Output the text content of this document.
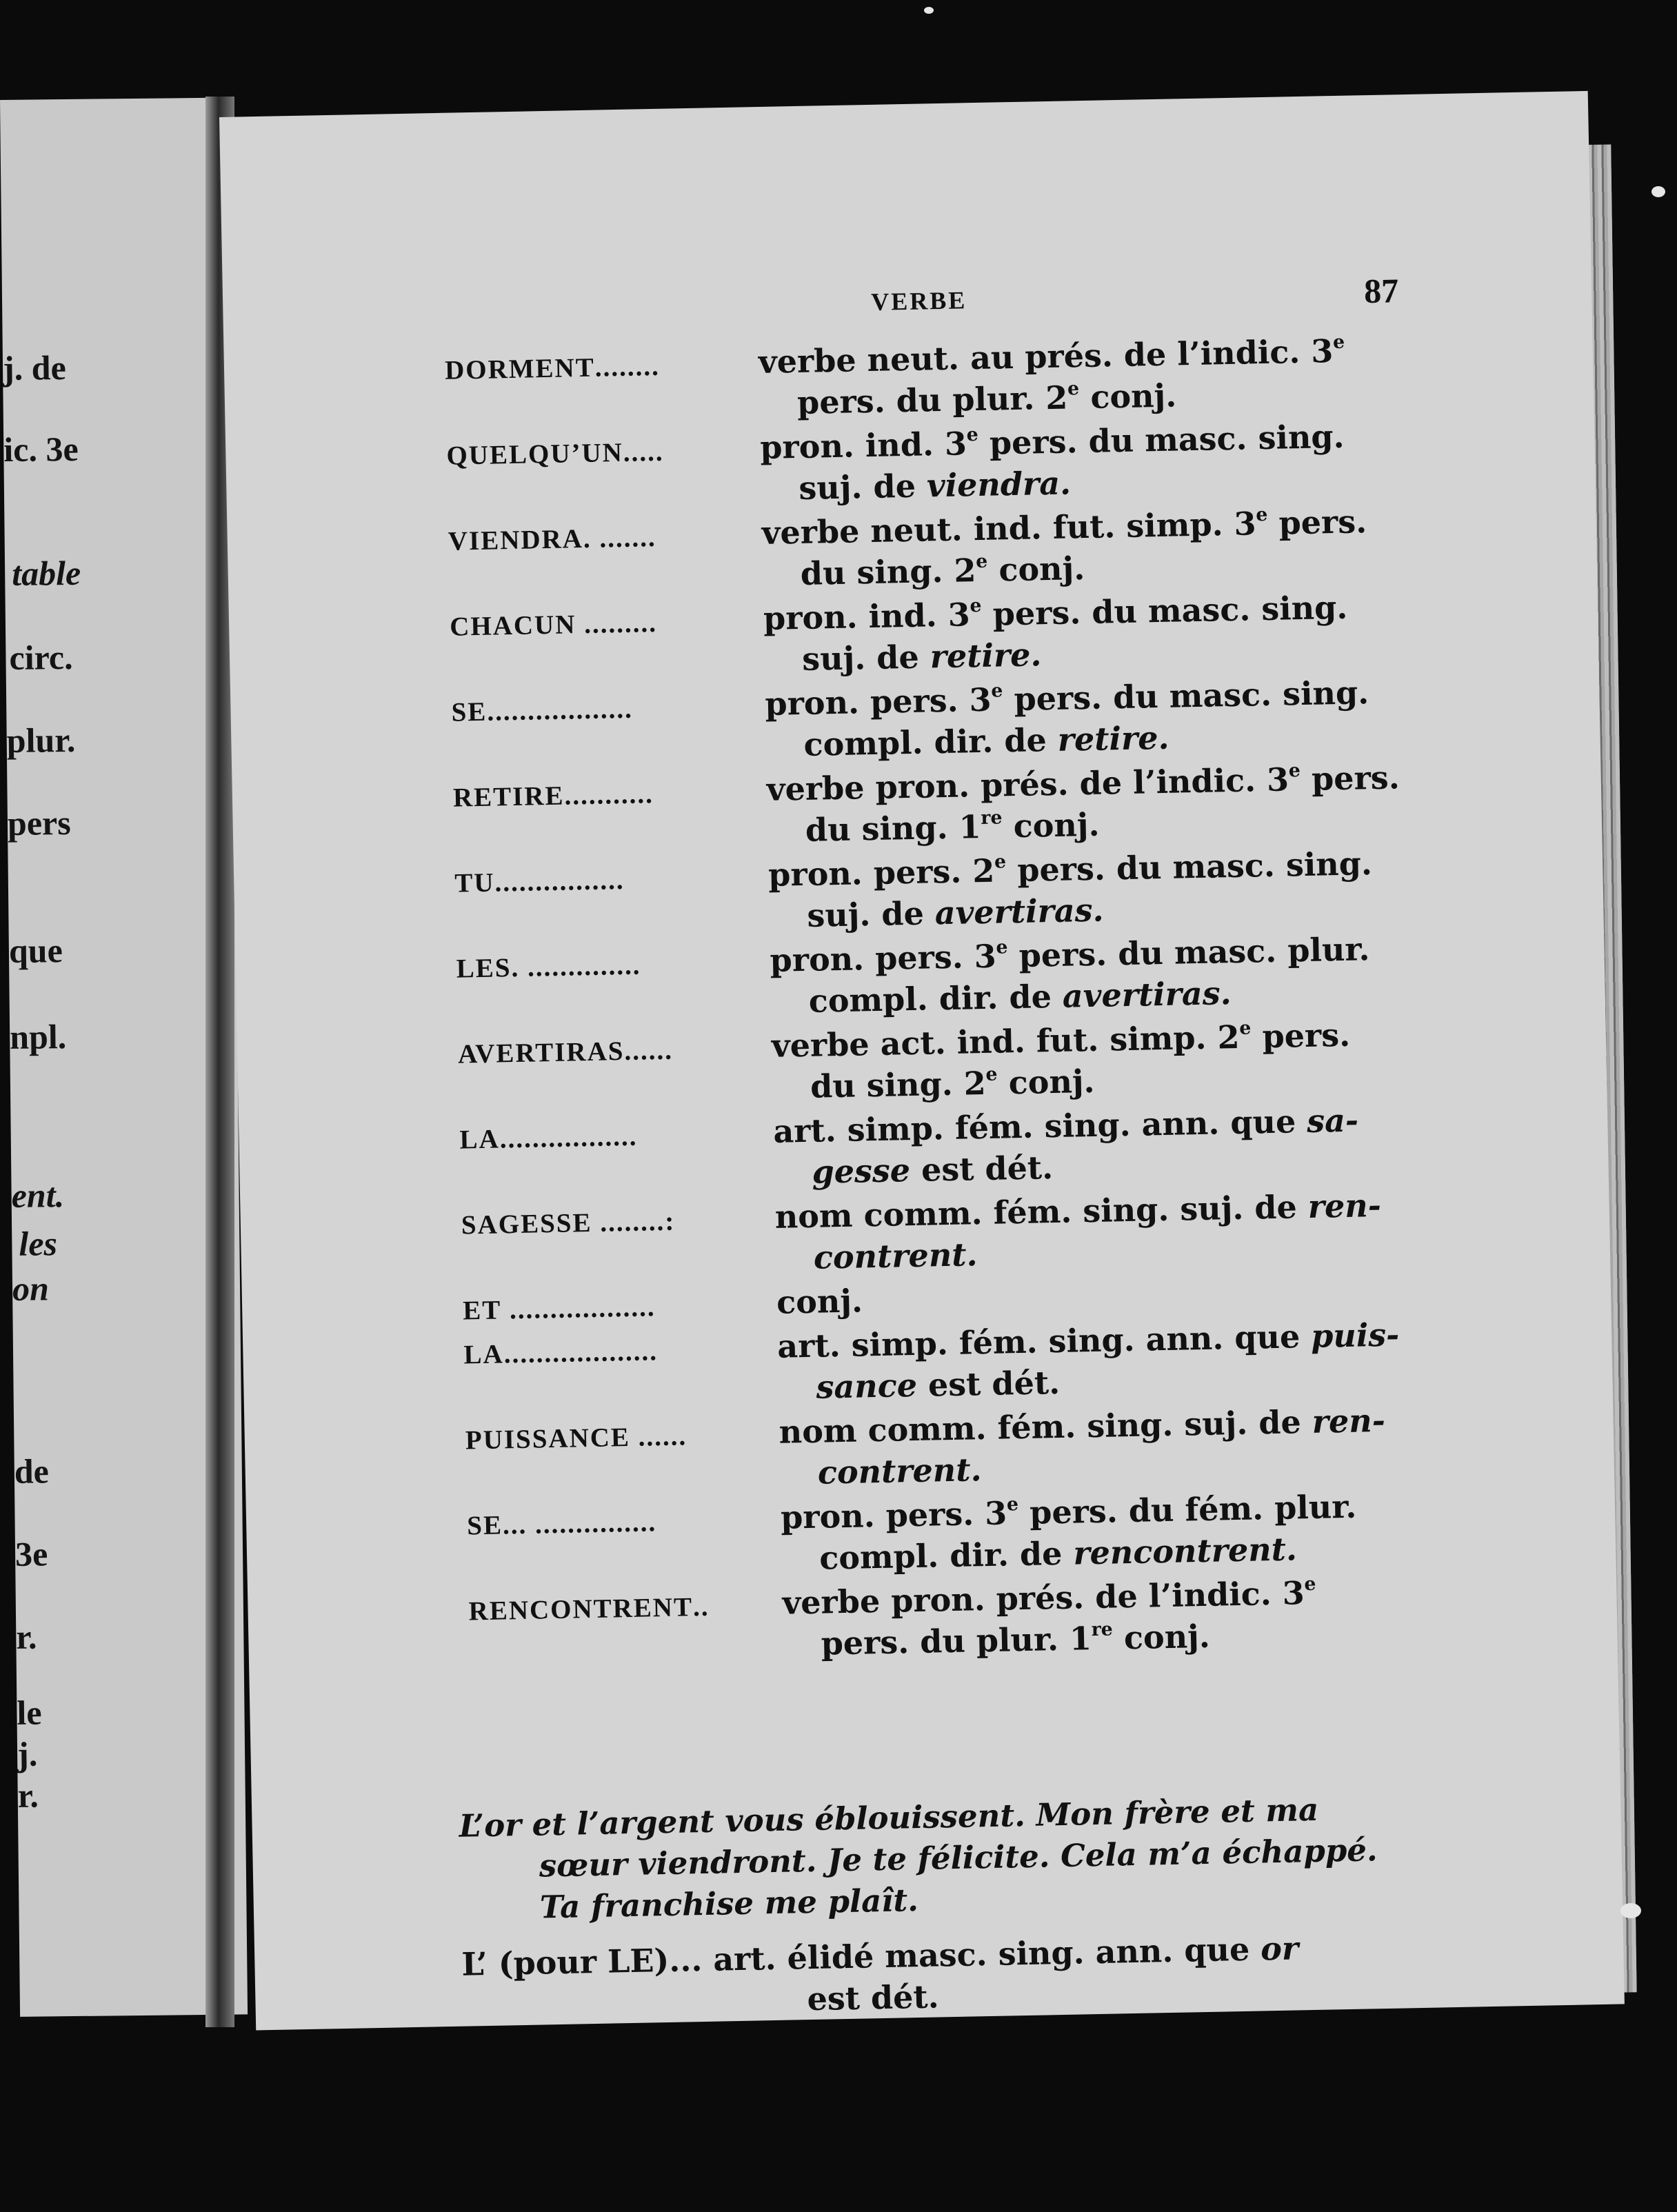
j. de
ic. 3e
table
circ.
plur.
pers
que
npl.
ent.
les
on
de
3e
r.
le
j.
r.
VERBE	87
DORMENT........	verbe neut. au prés. de l’indic. 3e
pers. du plur. 2e conj.
QUELQU’UN.....	pron. ind. 3e pers. du masc. sing.
suj. de viendra.
VIENDRA. .......	verbe neut. ind. fut. simp. 3e pers.
du sing. 2e conj.
CHACUN .........	pron. ind. 3e pers. du masc. sing.
suj. de retire.
SE..................	pron. pers. 3e pers. du masc. sing.
compl. dir. de retire.
RETIRE...........	verbe pron. prés. de l’indic. 3e pers.
du sing. 1re conj.
TU................	pron. pers. 2e pers. du masc. sing.
suj. de avertiras.
LES. ..............	pron. pers. 3e pers. du masc. plur.
compl. dir. de avertiras.
AVERTIRAS......	verbe act. ind. fut. simp. 2e pers.
du sing. 2e conj.
LA.................	art. simp. fém. sing. ann. que sa-
gesse est dét.
SAGESSE ........:	nom comm. fém. sing. suj. de ren-
contrent.
ET ..................	conj.
LA...................	art. simp. fém. sing. ann. que puis-
sance est dét.
PUISSANCE ......	nom comm. fém. sing. suj. de ren-
contrent.
SE... ...............	pron. pers. 3e pers. du fém. plur.
compl. dir. de rencontrent.
RENCONTRENT..	verbe pron. prés. de l’indic. 3e
pers. du plur. 1re conj.
L’or et l’argent vous éblouissent. Mon frère et ma
sœur viendront. Je te félicite. Cela m’a échappé.
Ta franchise me plaît.
L’ (pour LE)... art. élidé masc. sing. ann. que or
est dét.
